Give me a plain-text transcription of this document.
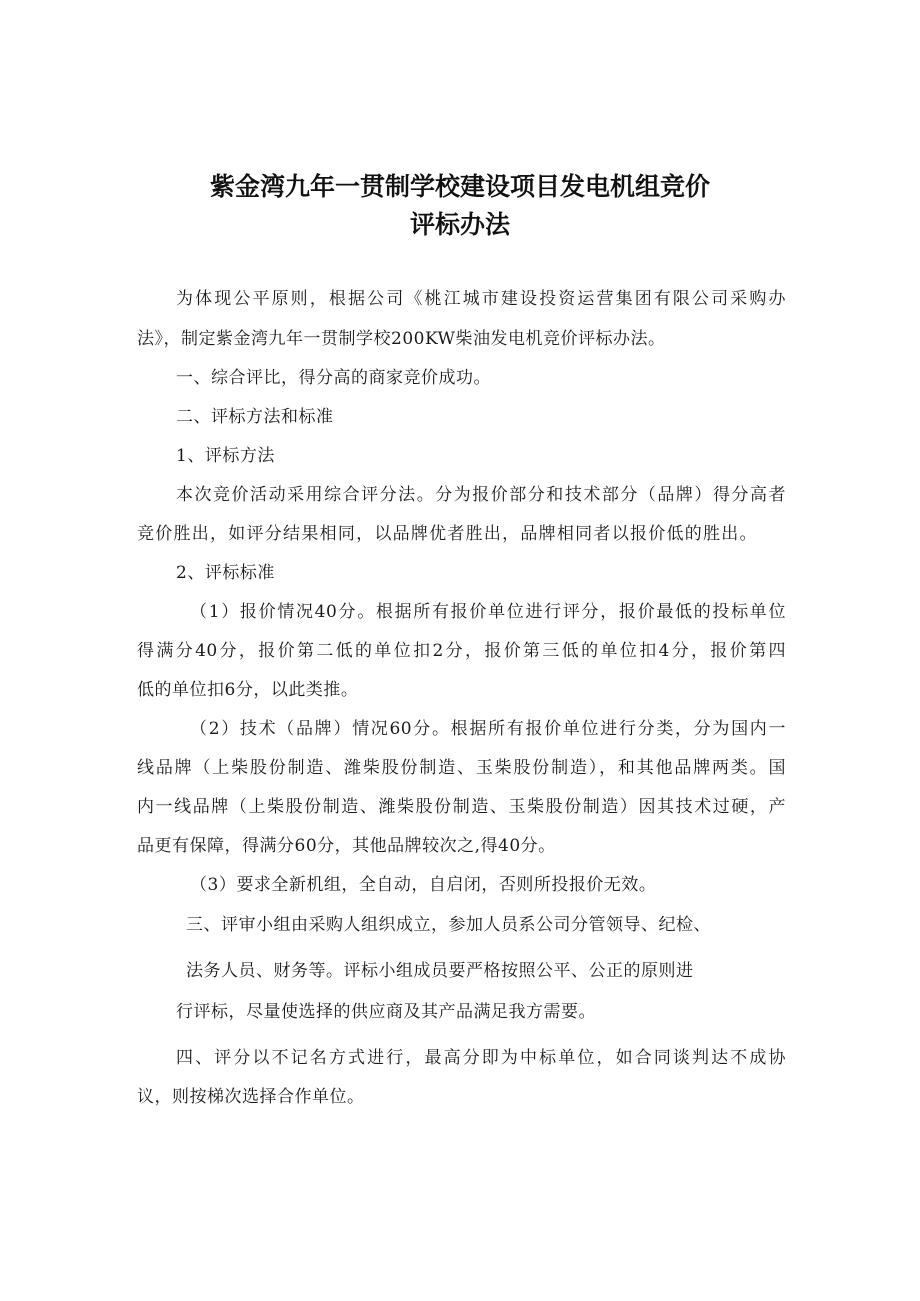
紫金湾九年一贯制学校建设项目发电机组竞价
评标办法
为体现公平原则，根据公司《桃江城市建设投资运营集团有限公司采购办
法》，制定紫金湾九年一贯制学校200KW柴油发电机竞价评标办法。
一、综合评比，得分高的商家竞价成功。
二、评标方法和标准
1、评标方法
本次竞价活动采用综合评分法。分为报价部分和技术部分（品牌）得分高者
竞价胜出，如评分结果相同，以品牌优者胜出，品牌相同者以报价低的胜出。
2、评标标准
（1）报价情况40分。根据所有报价单位进行评分，报价最低的投标单位
得满分40分，报价第二低的单位扣2分，报价第三低的单位扣4分，报价第四
低的单位扣6分，以此类推。
（2）技术（品牌）情况60分。根据所有报价单位进行分类，分为国内一
线品牌（上柴股份制造、潍柴股份制造、玉柴股份制造），和其他品牌两类。国
内一线品牌（上柴股份制造、潍柴股份制造、玉柴股份制造）因其技术过硬，产
品更有保障，得满分60分，其他品牌较次之,得40分。
（3）要求全新机组，全自动，自启闭，否则所投报价无效。
三、评审小组由采购人组织成立，参加人员系公司分管领导、纪检、
法务人员、财务等。评标小组成员要严格按照公平、公正的原则进
行评标，尽量使选择的供应商及其产品满足我方需要。
四、评分以不记名方式进行，最高分即为中标单位，如合同谈判达不成协
议，则按梯次选择合作单位。
